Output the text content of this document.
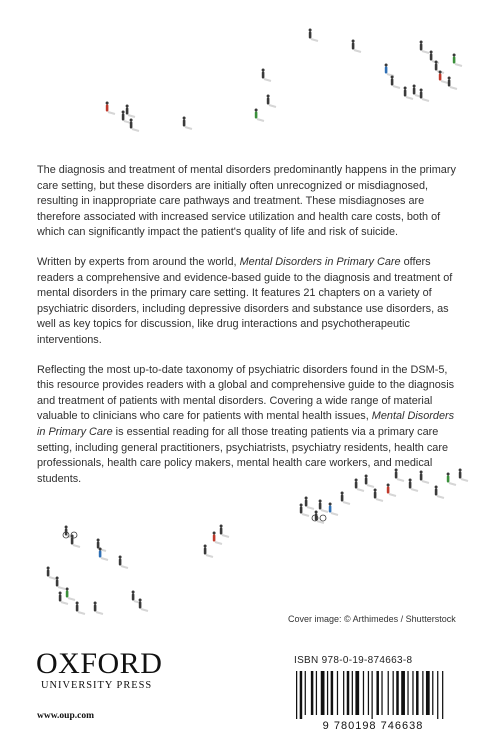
The diagnosis and treatment of mental disorders predominantly happens in the primary care setting, but these disorders are initially often unrecognized or misdiagnosed, resulting in inappropriate care pathways and treatment. These misdiagnoses are therefore associated with increased service utilization and health care costs, both of which can significantly impact the patient's quality of life and risk of suicide.

Written by experts from around the world, Mental Disorders in Primary Care offers readers a comprehensive and evidence-based guide to the diagnosis and treatment of mental disorders in the primary care setting. It features 21 chapters on a variety of psychiatric disorders, including depressive disorders and substance use disorders, as well as key topics for discussion, like drug interactions and psychotherapeutic interventions.

Reflecting the most up-to-date taxonomy of psychiatric disorders found in the DSM-5, this resource provides readers with a global and comprehensive guide to the diagnosis and treatment of patients with mental disorders. Covering a wide range of material valuable to clinicians who care for patients with mental health issues, Mental Disorders in Primary Care is essential reading for all those treating patients via a primary care setting, including general practitioners, psychiatrists, psychiatry residents, health care professionals, health care policy makers, mental health care workers, and medical students.

Cover image: © Arthimedes / Shutterstock
OXFORD
UNIVERSITY PRESS
www.oup.com
ISBN 978-0-19-874663-8
9 780198 746638
